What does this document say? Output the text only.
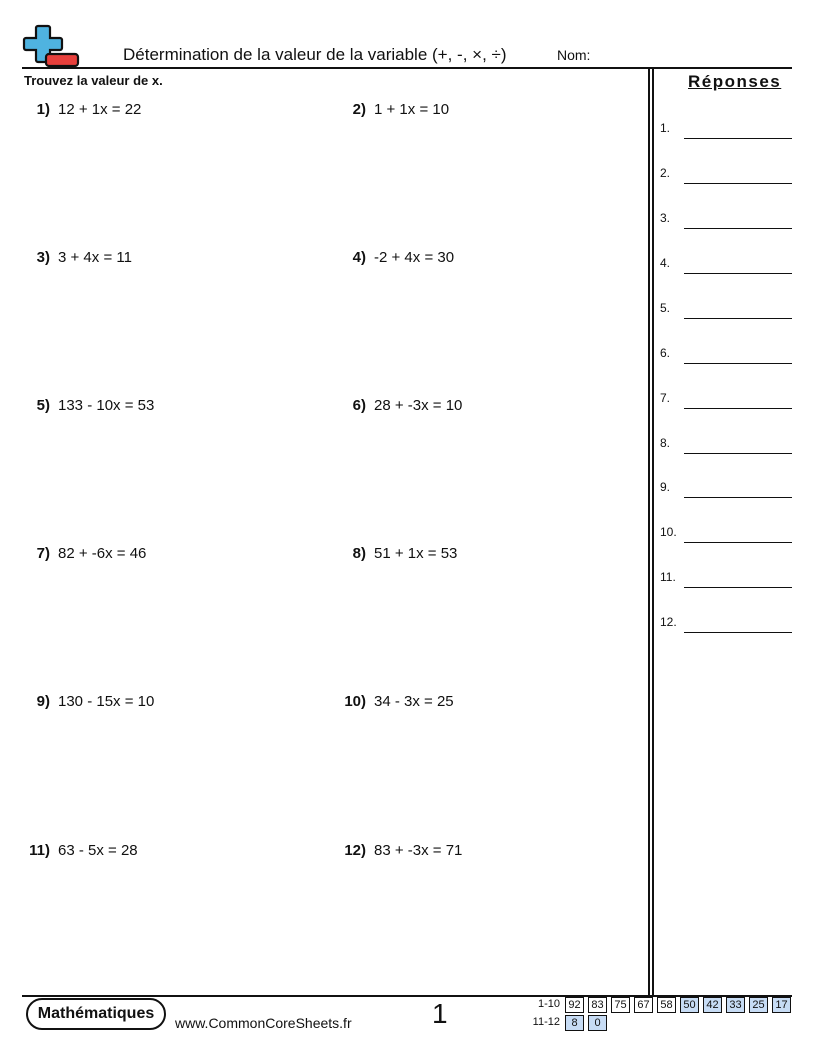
Détermination de la valeur de la variable (+, -, ×, ÷)	Nom:
Trouvez la valeur de x.
1) 12 + 1x = 22	2) 1 + 1x = 10
3) 3 + 4x = 11	4) -2 + 4x = 30
5) 133 - 10x = 53	6) 28 + -3x = 10
7) 82 + -6x = 46	8) 51 + 1x = 53
9) 130 - 15x = 10	10) 34 - 3x = 25
11) 63 - 5x = 28	12) 83 + -3x = 71
Réponses
1.
2.
3.
4.
5.
6.
7.
8.
9.
10.
11.
12.
Mathématiques
www.CommonCoreSheets.fr	1	1-10 92 83 75 67 58 50 42 33 25 17
11-12	8	0
